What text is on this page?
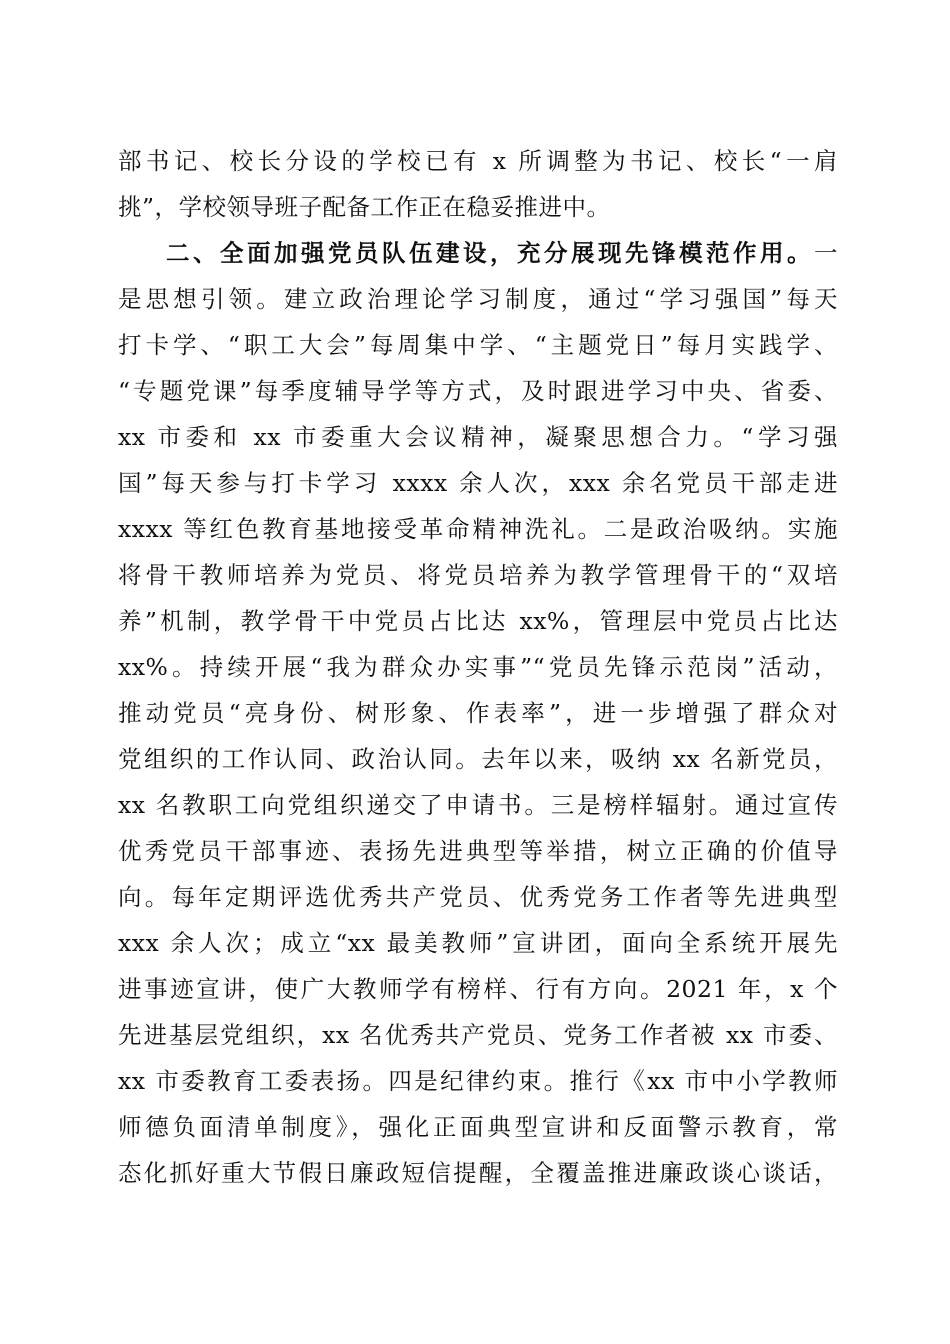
部书记、校长分设的学校已有 x 所调整为书记、校长“一肩
挑”，学校领导班子配备工作正在稳妥推进中。
二、全面加强党员队伍建设，充分展现先锋模范作用。一
是思想引领。建立政治理论学习制度，通过“学习强国”每天
打卡学、“职工大会”每周集中学、“主题党日”每月实践学、
“专题党课”每季度辅导学等方式，及时跟进学习中央、省委、
xx 市委和 xx 市委重大会议精神，凝聚思想合力。“学习强
国”每天参与打卡学习 xxxx 余人次，xxx 余名党员干部走进
xxxx 等红色教育基地接受革命精神洗礼。二是政治吸纳。实施
将骨干教师培养为党员、将党员培养为教学管理骨干的“双培
养”机制，教学骨干中党员占比达 xx%，管理层中党员占比达
xx%。持续开展“我为群众办实事”“党员先锋示范岗”活动，
推动党员“亮身份、树形象、作表率”，进一步增强了群众对
党组织的工作认同、政治认同。去年以来，吸纳 xx 名新党员，
xx 名教职工向党组织递交了申请书。三是榜样辐射。通过宣传
优秀党员干部事迹、表扬先进典型等举措，树立正确的价值导
向。每年定期评选优秀共产党员、优秀党务工作者等先进典型
xxx 余人次；成立“xx 最美教师”宣讲团，面向全系统开展先
进事迹宣讲，使广大教师学有榜样、行有方向。2021 年，x 个
先进基层党组织，xx 名优秀共产党员、党务工作者被 xx 市委、
xx 市委教育工委表扬。四是纪律约束。推行《xx 市中小学教师
师德负面清单制度》，强化正面典型宣讲和反面警示教育，常
态化抓好重大节假日廉政短信提醒，全覆盖推进廉政谈心谈话，
